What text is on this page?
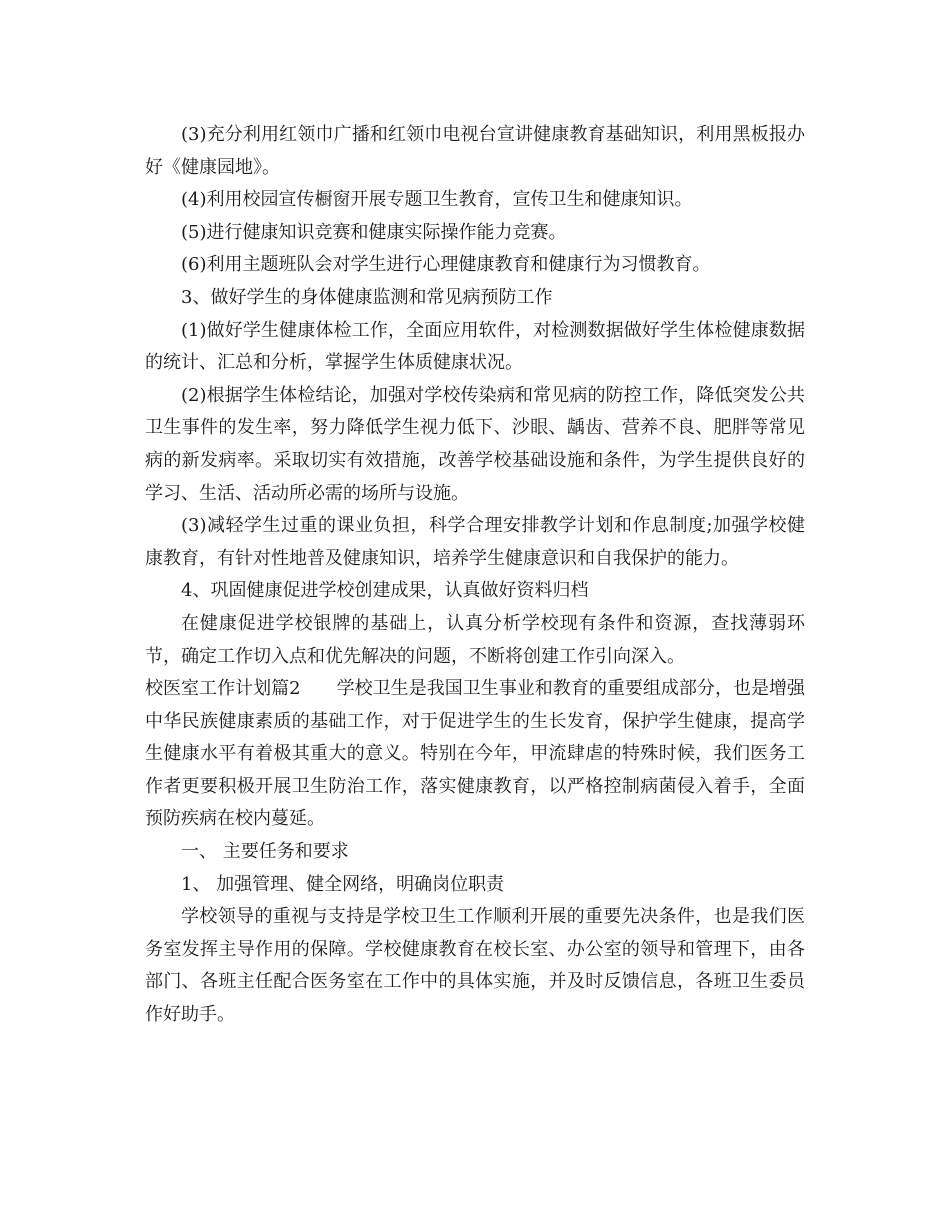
(3)充分利用红领巾广播和红领巾电视台宣讲健康教育基础知识，利用黑板报办好《健康园地》。

(4)利用校园宣传橱窗开展专题卫生教育，宣传卫生和健康知识。

(5)进行健康知识竞赛和健康实际操作能力竞赛。

(6)利用主题班队会对学生进行心理健康教育和健康行为习惯教育。

3、做好学生的身体健康监测和常见病预防工作

(1)做好学生健康体检工作，全面应用软件，对检测数据做好学生体检健康数据的统计、汇总和分析，掌握学生体质健康状况。

(2)根据学生体检结论，加强对学校传染病和常见病的防控工作，降低突发公共卫生事件的发生率，努力降低学生视力低下、沙眼、龋齿、营养不良、肥胖等常见病的新发病率。采取切实有效措施，改善学校基础设施和条件，为学生提供良好的学习、生活、活动所必需的场所与设施。

(3)减轻学生过重的课业负担，科学合理安排教学计划和作息制度;加强学校健康教育，有针对性地普及健康知识，培养学生健康意识和自我保护的能力。

4、巩固健康促进学校创建成果，认真做好资料归档

在健康促进学校银牌的基础上，认真分析学校现有条件和资源，查找薄弱环节，确定工作切入点和优先解决的问题，不断将创建工作引向深入。

校医室工作计划篇2 学校卫生是我国卫生事业和教育的重要组成部分，也是增强中华民族健康素质的基础工作，对于促进学生的生长发育，保护学生健康，提高学生健康水平有着极其重大的意义。特别在今年，甲流肆虐的特殊时候，我们医务工作者更要积极开展卫生防治工作，落实健康教育，以严格控制病菌侵入着手，全面预防疾病在校内蔓延。

一、 主要任务和要求

1、 加强管理、健全网络，明确岗位职责

学校领导的重视与支持是学校卫生工作顺利开展的重要先决条件，也是我们医务室发挥主导作用的保障。学校健康教育在校长室、办公室的领导和管理下，由各部门、各班主任配合医务室在工作中的具体实施，并及时反馈信息，各班卫生委员作好助手。
